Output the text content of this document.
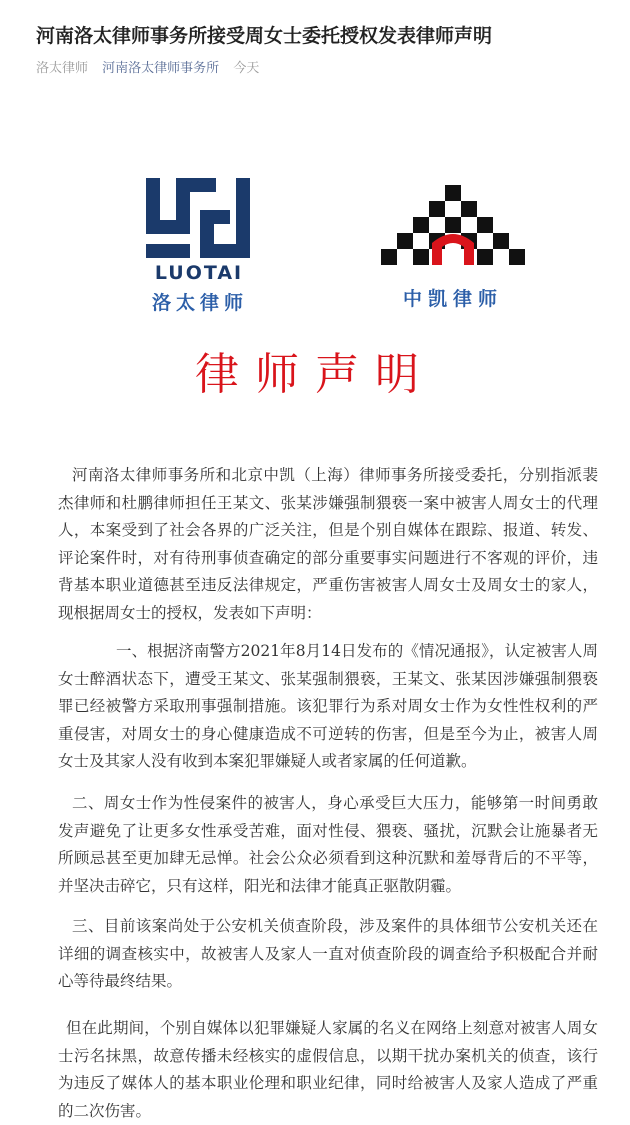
河南洛太律师事务所接受周女士委托授权发表律师声明
洛太律师 河南洛太律师事务所 今天
LUOTAI
洛太律师	中凯律师
律师声明

河南洛太律师事务所和北京中凯（上海）律师事务所接受委托，分别指派裴杰律师和杜鹏律师担任王某文、张某涉嫌强制猥亵一案中被害人周女士的代理人，本案受到了社会各界的广泛关注，但是个别自媒体在跟踪、报道、转发、评论案件时，对有待刑事侦查确定的部分重要事实问题进行不客观的评价，违背基本职业道德甚至违反法律规定，严重伤害被害人周女士及周女士的家人，现根据周女士的授权，发表如下声明：

一、根据济南警方2021年8月14日发布的《情况通报》，认定被害人周女士醉酒状态下，遭受王某文、张某强制猥亵，王某文、张某因涉嫌强制猥亵罪已经被警方采取刑事强制措施。该犯罪行为系对周女士作为女性性权利的严重侵害，对周女士的身心健康造成不可逆转的伤害，但是至今为止，被害人周女士及其家人没有收到本案犯罪嫌疑人或者家属的任何道歉。

二、周女士作为性侵案件的被害人，身心承受巨大压力，能够第一时间勇敢发声避免了让更多女性承受苦难，面对性侵、猥亵、骚扰，沉默会让施暴者无所顾忌甚至更加肆无忌惮。社会公众必须看到这种沉默和羞辱背后的不平等，并坚决击碎它，只有这样，阳光和法律才能真正驱散阴霾。

三、目前该案尚处于公安机关侦查阶段，涉及案件的具体细节公安机关还在详细的调查核实中，故被害人及家人一直对侦查阶段的调查给予积极配合并耐心等待最终结果。

但在此期间，个别自媒体以犯罪嫌疑人家属的名义在网络上刻意对被害人周女士污名抹黑，故意传播未经核实的虚假信息，以期干扰办案机关的侦查，该行为违反了媒体人的基本职业伦理和职业纪律，同时给被害人及家人造成了严重的二次伤害。
